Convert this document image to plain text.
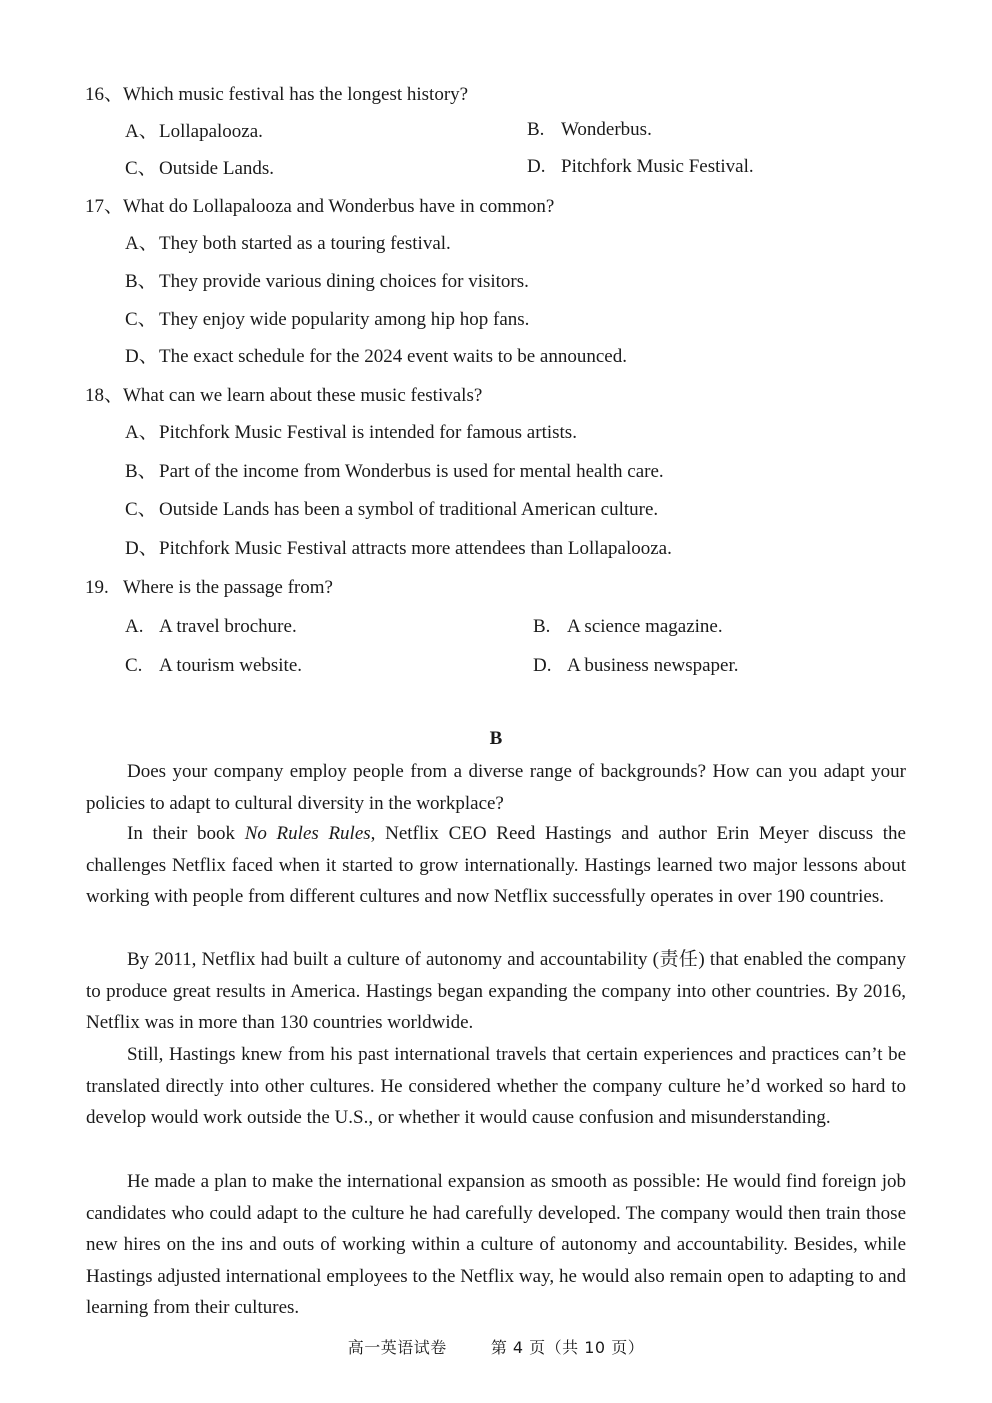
16、Which music festival has the longest history?
A、Lollapalooza.	B. Wonderbus.
C、 Outside Lands.	D. Pitchfork Music Festival.
17、What do Lollapalooza and Wonderbus have in common?
A、They both started as a touring festival.
B、 They provide various dining choices for visitors.
C、 They enjoy wide popularity among hip hop fans.
D、The exact schedule for the 2024 event waits to be announced.
18、What can we learn about these music festivals?
A、Pitchfork Music Festival is intended for famous artists.
B、 Part of the income from Wonderbus is used for mental health care.
C、 Outside Lands has been a symbol of traditional American culture.
D、Pitchfork Music Festival attracts more attendees than Lollapalooza.
19. Where is the passage from?
A. A travel brochure.	B. A science magazine.
C. A tourism website.	D. A business newspaper.
B
Does your company employ people from a diverse range of backgrounds? How can you adapt your policies to adapt to cultural diversity in the workplace?
In their book No Rules Rules, Netflix CEO Reed Hastings and author Erin Meyer discuss the challenges Netflix faced when it started to grow internationally. Hastings learned two major lessons about working with people from different cultures and now Netflix successfully operates in over 190 countries.
By 2011, Netflix had built a culture of autonomy and accountability (责任) that enabled the company to produce great results in America. Hastings began expanding the company into other countries. By 2016, Netflix was in more than 130 countries worldwide.
Still, Hastings knew from his past international travels that certain experiences and practices can’t be translated directly into other cultures. He considered whether the company culture he’d worked so hard to develop would work outside the U.S., or whether it would cause confusion and misunderstanding.
He made a plan to make the international expansion as smooth as possible: He would find foreign job candidates who could adapt to the culture he had carefully developed. The company would then train those new hires on the ins and outs of working within a culture of autonomy and accountability. Besides, while Hastings adjusted international employees to the Netflix way, he would also remain open to adapting to and learning from their cultures.
高一英语试卷	第 4 页（共 10 页）
